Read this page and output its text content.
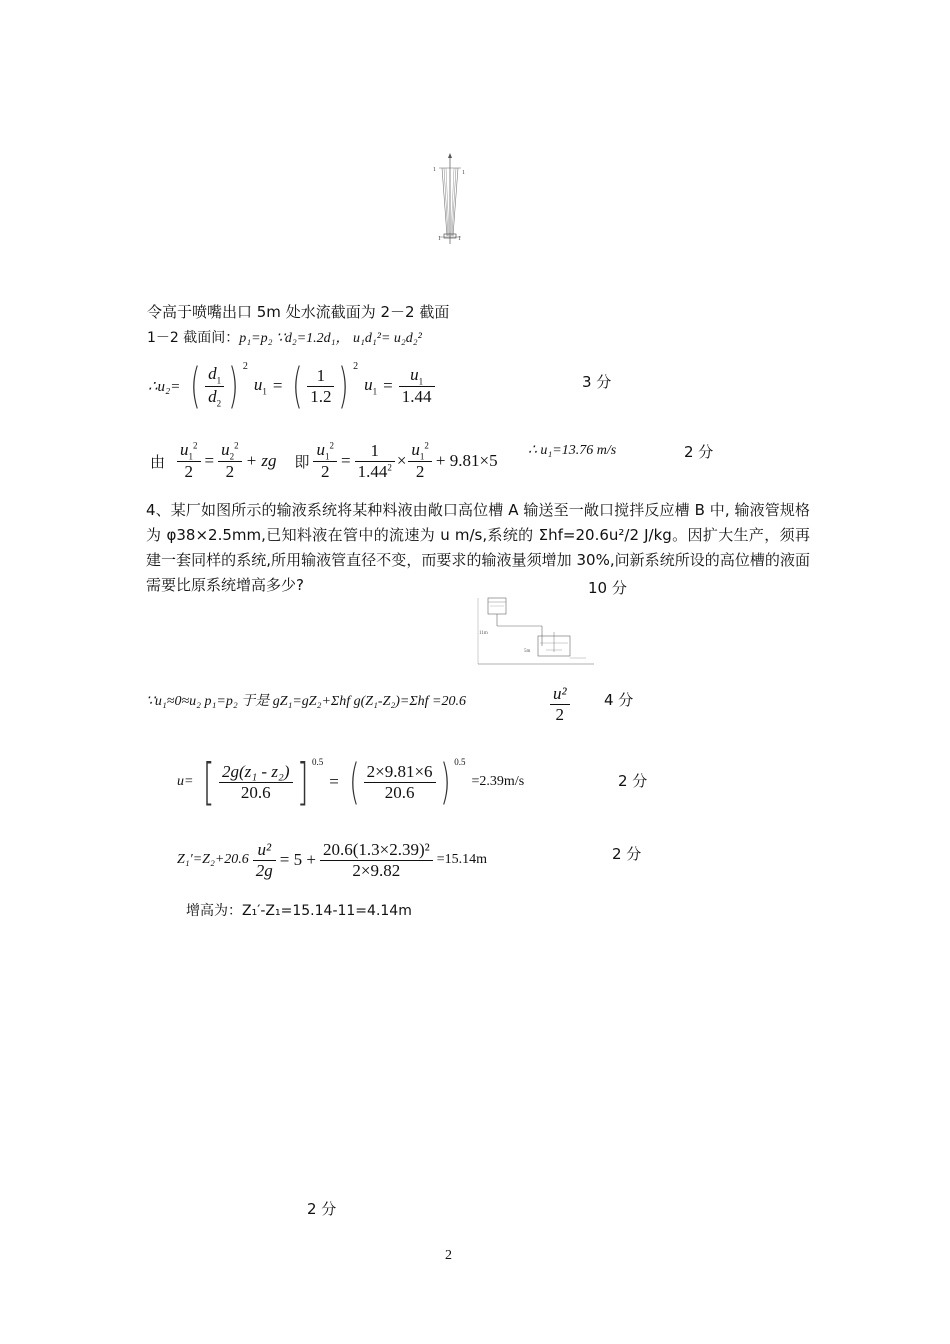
1	1
1	1
令高于喷嘴出口 5m 处水流截面为 2－2 截面
1－2 截面间：p₁=p₂ ∵d₂=1.2d₁， u₁d₁²= u₂d₂²
∴u₂= ( $\frac{d_1}{d_2}$ ) $^2$
$u_1$ = ( $\frac{1}{1.2}$ ) $^2$
$u_1 = \frac{u_1}{1.44}$	3 分
由 $\frac{u_1^2}{2} = \frac{u_2^2}{2}$ + zg 即 $\frac{u_1^2}{2} = \frac{1}{1.44^2} \times \frac{u_1^2}{2} + 9.81\times 5$
∴ u₁=13.76 m/s	2 分
4、某厂如图所示的输液系统将某种料液由敞口高位槽 A 输送至一敞口搅拌反应槽 B 中, 输液管规格为 φ38×2.5mm,已知料液在管中的流速为 u m/s,系统的 Σhf=20.6u²/2 J/kg。因扩大生产，须再建一套同样的系统,所用输液管直径不变，而要求的输液量须增加 30%,问新系统所设的高位槽的液面需要比原系统增高多少?	10 分
11m
5m
∵u₁≈0≈u₂ p₁=p₂ 于是 gZ₁=gZ₂+Σhf g(Z₁-Z₂)=Σhf =20.6	$\frac{\text{u²}}{2} 4$ 分
u= [ $\frac{\text{2g(z₁ - z₂)}}{20.6}$ ] $^{0.5}$
= ( $\frac{2\times 9.81\times 6}{20.6}$ ) $^{0.5}$
=2.39m/s	2 分
$Z_1'=Z_2+20.6 \frac{\text{u²}}{2g} = 5 + \frac{\text{20.6(1.3×2.39)²}}{2\times 9.82} =15.14m$	2 分
增高为：Z₁′-Z₁=15.14-11=4.14m
2 分
2
